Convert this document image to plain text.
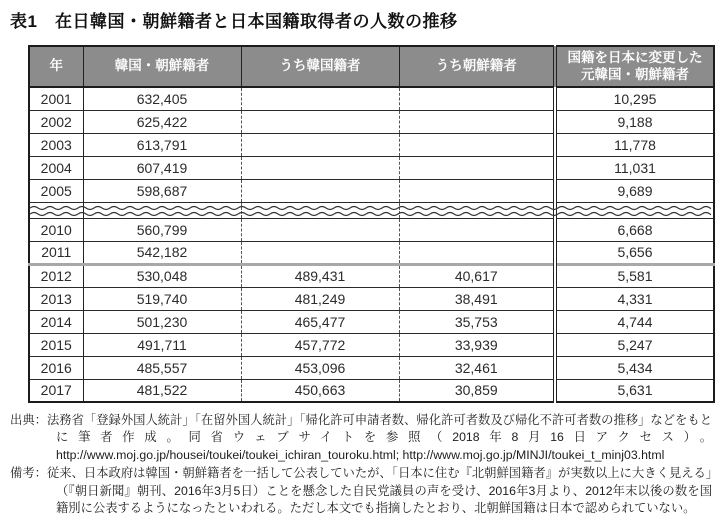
表1　在日韓国・朝鮮籍者と日本国籍取得者の人数の推移
年	韓国・朝鮮籍者	うち韓国籍者	うち朝鮮籍者	国籍を日本に変更した元韓国・朝鮮籍者
2001	632,405			10,295
2002	625,422			9,188
2003	613,791			11,778
2004	607,419			11,031
2005	598,687			9,689

2010	560,799			6,668
2011	542,182			5,656
2012	530,048	489,431	40,617	5,581
2013	519,740	481,249	38,491	4,331
2014	501,230	465,477	35,753	4,744
2015	491,711	457,772	33,939	5,247
2016	485,557	453,096	32,461	5,434
2017	481,522	450,663	30,859	5,631

出典：法務省「登録外国人統計」「在留外国人統計」「帰化許可申請者数、帰化許可者数及び帰化不許可者数の推移」などをもとに筆者作成。同省ウェブサイトを参照（2018年8月16日アクセス）。http://www.moj.go.jp/housei/toukei/toukei_ichiran_touroku.html; http://www.moj.go.jp/MINJI/toukei_t_minj03.html

備考：従来、日本政府は韓国・朝鮮籍者を一括して公表していたが、「日本に住む『北朝鮮国籍者』が実数以上に大きく見える」（『朝日新聞』朝刊、2016年3月5日）ことを懸念した自民党議員の声を受け、2016年3月より、2012年末以後の数を国籍別に公表するようになったといわれる。ただし本文でも指摘したとおり、北朝鮮国籍は日本で認められていない。
